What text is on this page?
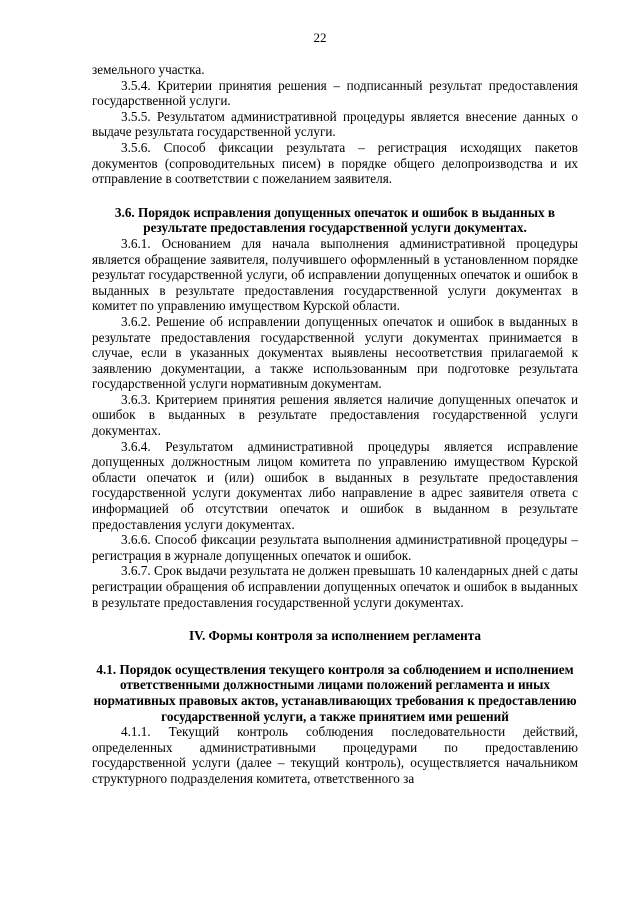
22

земельного участка.

3.5.4. Критерии принятия решения – подписанный результат предоставления государственной услуги.

3.5.5. Результатом административной процедуры является внесение данных о выдаче результата государственной услуги.

3.5.6. Способ фиксации результата – регистрация исходящих пакетов документов (сопроводительных писем) в порядке общего делопроизводства и их отправление в соответствии с пожеланием заявителя.

3.6. Порядок исправления допущенных опечаток и ошибок в выданных в результате предоставления государственной услуги документах.

3.6.1. Основанием для начала выполнения административной процедуры является обращение заявителя, получившего оформленный в установленном порядке результат государственной услуги, об исправлении допущенных опечаток и ошибок в выданных в результате предоставления государственной услуги документах в комитет по управлению имуществом Курской области.

3.6.2. Решение об исправлении допущенных опечаток и ошибок в выданных в результате предоставления государственной услуги документах принимается в случае, если в указанных документах выявлены несоответствия прилагаемой к заявлению документации, а также использованным при подготовке результата государственной услуги нормативным документам.

3.6.3. Критерием принятия решения является наличие допущенных опечаток и ошибок в выданных в результате предоставления государственной услуги документах.

3.6.4. Результатом административной процедуры является исправление допущенных должностным лицом комитета по управлению имуществом Курской области опечаток и (или) ошибок в выданных в результате предоставления государственной услуги документах либо направление в адрес заявителя ответа с информацией об отсутствии опечаток и ошибок в выданном в результате предоставления услуги документах.

3.6.6. Способ фиксации результата выполнения административной процедуры – регистрация в журнале допущенных опечаток и ошибок.

3.6.7. Срок выдачи результата не должен превышать 10 календарных дней с даты регистрации обращения об исправлении допущенных опечаток и ошибок в выданных в результате предоставления государственной услуги документах.

IV. Формы контроля за исполнением регламента
4.1. Порядок осуществления текущего контроля за соблюдением и исполнением ответственными должностными лицами положений регламента и иных нормативных правовых актов, устанавливающих требования к предоставлению государственной услуги, а также принятием ими решений

4.1.1. Текущий контроль соблюдения последовательности действий, определенных административными процедурами по предоставлению государственной услуги (далее – текущий контроль), осуществляется начальником структурного подразделения комитета, ответственного за
